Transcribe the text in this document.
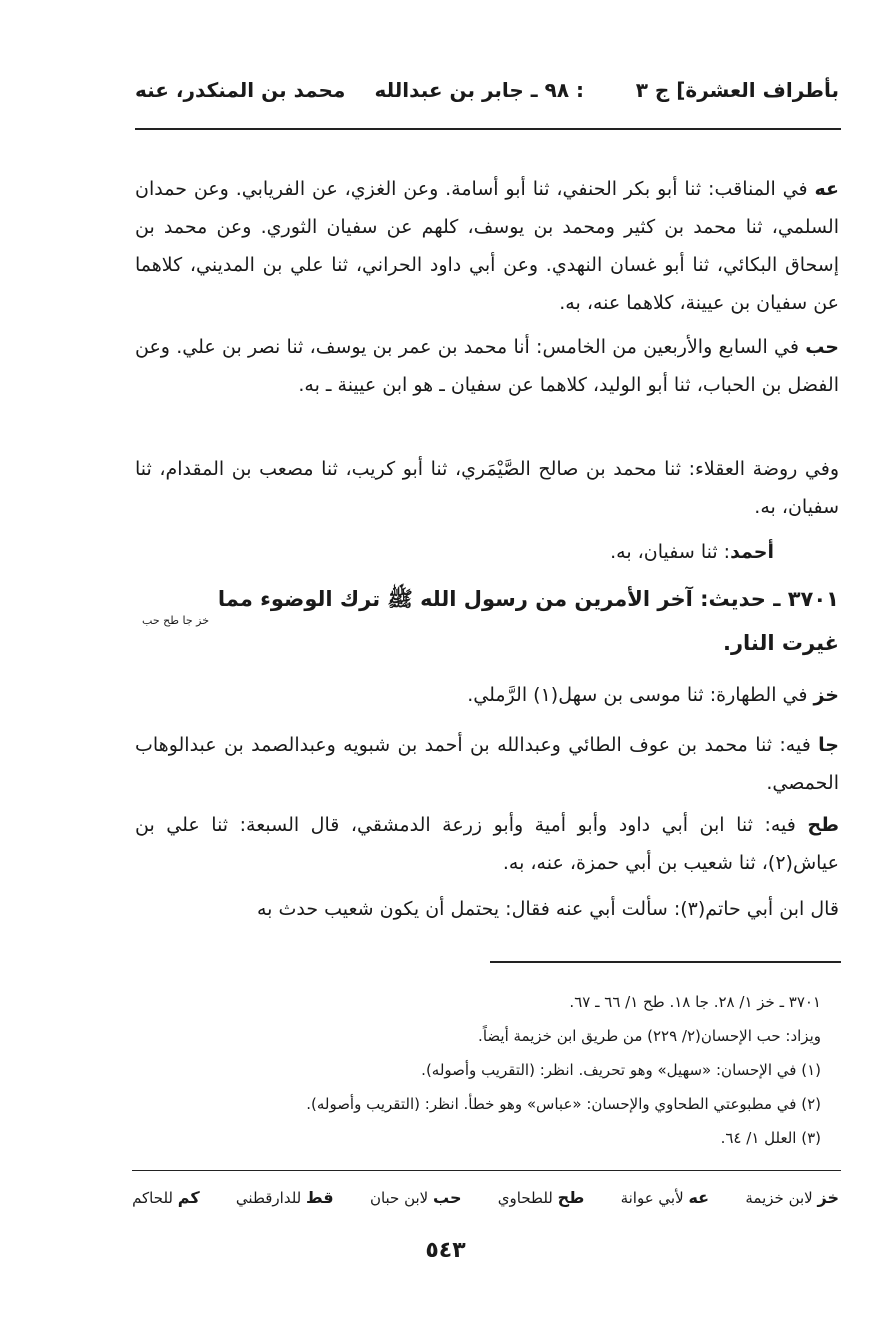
بأطراف العشرة] ج ٣
٩٨ ـ جابر بن عبدالله :
محمد بن المنكدر، عنه

عه في المناقب: ثنا أبو بكر الحنفي، ثنا أبو أسامة. وعن الغزي، عن الفريابي. وعن حمدان السلمي، ثنا محمد بن كثير ومحمد بن يوسف، كلهم عن سفيان الثوري. وعن محمد بن إسحاق البكائي، ثنا أبو غسان النهدي. وعن أبي داود الحراني، ثنا علي بن المديني، كلاهما عن سفيان بن عيينة، كلاهما عنه، به.

حب في السابع والأربعين من الخامس: أنا محمد بن عمر بن يوسف، ثنا نصر بن علي. وعن الفضل بن الحباب، ثنا أبو الوليد، كلاهما عن سفيان ـ هو ابن عيينة ـ به.

وفي روضة العقلاء: ثنا محمد بن صالح الصَّيْمَري، ثنا أبو كريب، ثنا مصعب بن المقدام، ثنا سفيان، به.

أحمد: ثنا سفيان، به.

٣٧٠١ ـ حديث: آخر الأمرين من رسول الله ﷺ ترك الوضوء مما
خز جا طح حب
غيرت النار.

خز في الطهارة: ثنا موسى بن سهل(١) الرَّملي.

جا فيه: ثنا محمد بن عوف الطائي وعبدالله بن أحمد بن شبويه وعبدالصمد بن عبدالوهاب الحمصي.

طح فيه: ثنا ابن أبي داود وأبو أمية وأبو زرعة الدمشقي، قال السبعة: ثنا علي بن عياش(٢)، ثنا شعيب بن أبي حمزة، عنه، به.

قال ابن أبي حاتم(٣): سألت أبي عنه فقال: يحتمل أن يكون شعيب حدث به

٣٧٠١ ـ خز ١/ ٢٨. جا ١٨. طح ١/ ٦٦ ـ ٦٧.
ويزاد: حب الإحسان(٢/ ٢٢٩) من طريق ابن خزيمة أيضاً.
(١) في الإحسان: «سهيل» وهو تحريف. انظر: (التقريب وأصوله).
(٢) في مطبوعتي الطحاوي والإحسان: «عباس» وهو خطأ. انظر: (التقريب وأصوله).
(٣) العلل ١/ ٦٤.
خز لابن خزيمة
عه لأبي عوانة
طح للطحاوي
حب لابن حبان
قط للدارقطني
كم للحاكم
٥٤٣
